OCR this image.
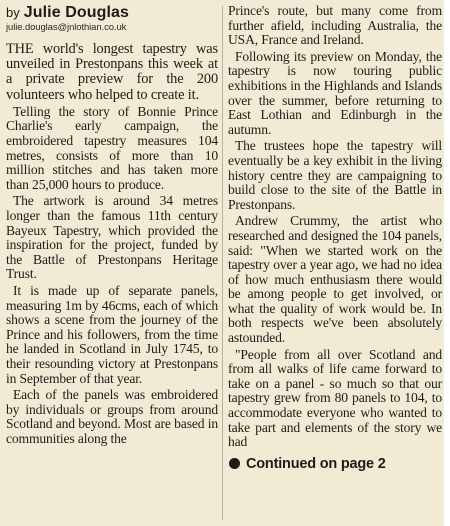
by Julie Douglas
julie.douglas@jnlothian.co.uk

THE world's longest tapestry was unveiled in Prestonpans this week at a private preview for the 200 volunteers who helped to create it.

Telling the story of Bonnie Prince Charlie's early campaign, the embroidered tapestry measures 104 metres, consists of more than 10 million stitches and has taken more than 25,000 hours to produce.

The artwork is around 34 metres longer than the famous 11th century Bayeux Tapestry, which provided the inspiration for the project, funded by the Battle of Prestonpans Heritage Trust.

It is made up of separate panels, measuring 1m by 46cms, each of which shows a scene from the journey of the Prince and his followers, from the time he landed in Scotland in July 1745, to their resounding victory at Prestonpans in September of that year.

Each of the panels was embroidered by individuals or groups from around Scotland and beyond. Most are based in communities along the

Prince's route, but many come from further afield, including Australia, the USA, France and Ireland.

Following its preview on Monday, the tapestry is now touring public exhibitions in the Highlands and Islands over the summer, before returning to East Lothian and Edinburgh in the autumn.

The trustees hope the tapestry will eventually be a key exhibit in the living history centre they are campaigning to build close to the site of the Battle in Prestonpans.

Andrew Crummy, the artist who researched and designed the 104 panels, said: "When we started work on the tapestry over a year ago, we had no idea of how much enthusiasm there would be among people to get involved, or what the quality of work would be. In both respects we've been absolutely astounded.

"People from all over Scotland and from all walks of life came forward to take on a panel - so much so that our tapestry grew from 80 panels to 104, to accommodate everyone who wanted to take part and elements of the story we had

Continued on page 2
